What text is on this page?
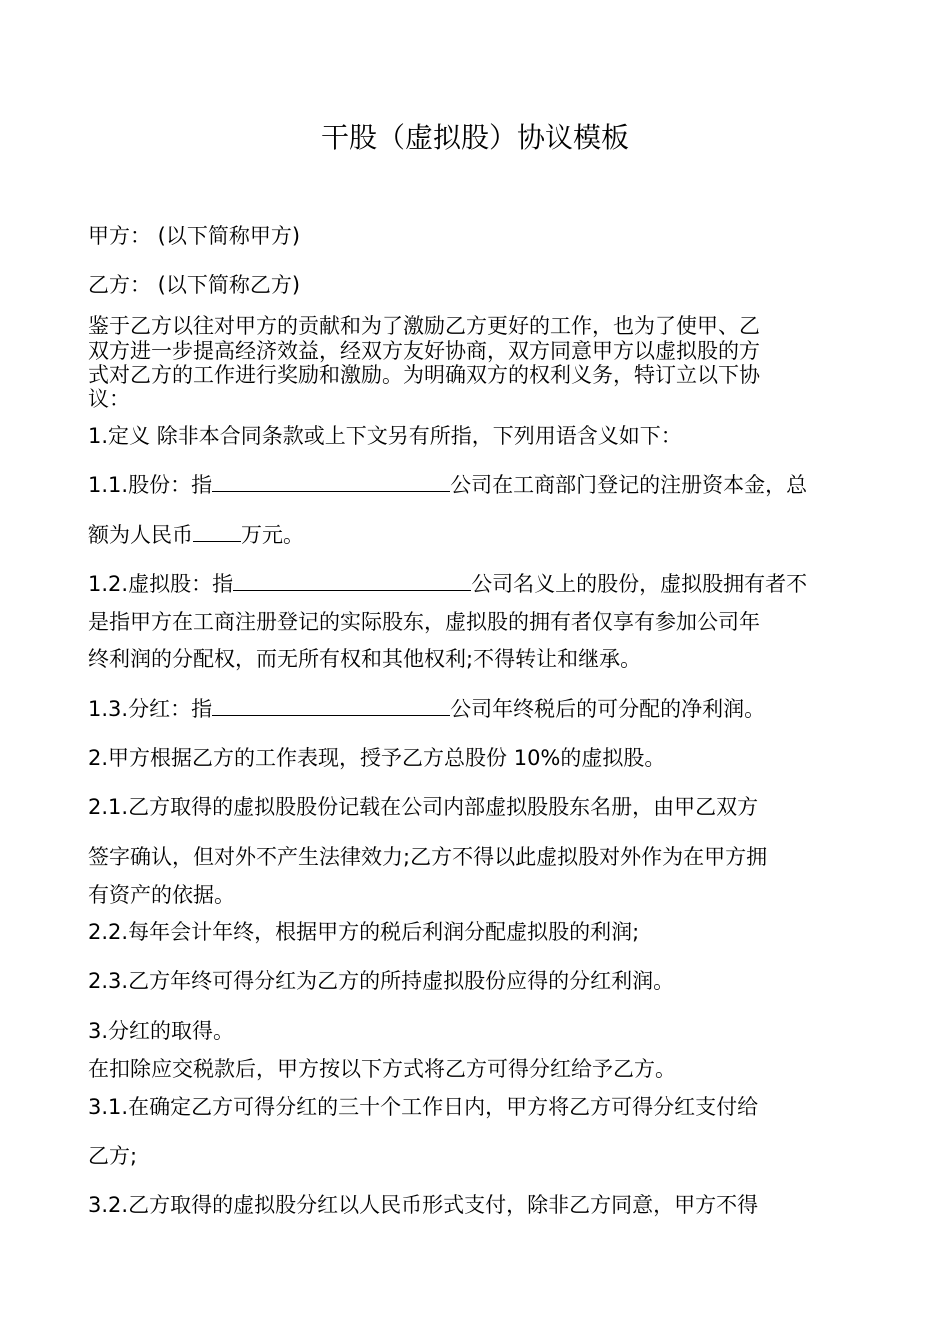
干股（虚拟股）协议模板
甲方： (以下简称甲方)
乙方： (以下简称乙方)
鉴于乙方以往对甲方的贡献和为了激励乙方更好的工作，也为了使甲、乙
双方进一步提高经济效益，经双方友好协商，双方同意甲方以虚拟股的方
式对乙方的工作进行奖励和激励。为明确双方的权利义务，特订立以下协
议：
1.定义 除非本合同条款或上下文另有所指，下列用语含义如下：
1.1.股份：指	公司在工商部门登记的注册资本金，总
额为人民币 万元。
1.2.虚拟股：指	公司名义上的股份，虚拟股拥有者不
是指甲方在工商注册登记的实际股东，虚拟股的拥有者仅享有参加公司年
终利润的分配权，而无所有权和其他权利;不得转让和继承。
1.3.分红：指	公司年终税后的可分配的净利润。
2.甲方根据乙方的工作表现，授予乙方总股份 10%的虚拟股。
2.1.乙方取得的虚拟股股份记载在公司内部虚拟股股东名册，由甲乙双方
签字确认，但对外不产生法律效力;乙方不得以此虚拟股对外作为在甲方拥
有资产的依据。
2.2.每年会计年终，根据甲方的税后利润分配虚拟股的利润;
2.3.乙方年终可得分红为乙方的所持虚拟股份应得的分红利润。
3.分红的取得。
在扣除应交税款后，甲方按以下方式将乙方可得分红给予乙方。
3.1.在确定乙方可得分红的三十个工作日内，甲方将乙方可得分红支付给
乙方;
3.2.乙方取得的虚拟股分红以人民币形式支付，除非乙方同意，甲方不得
